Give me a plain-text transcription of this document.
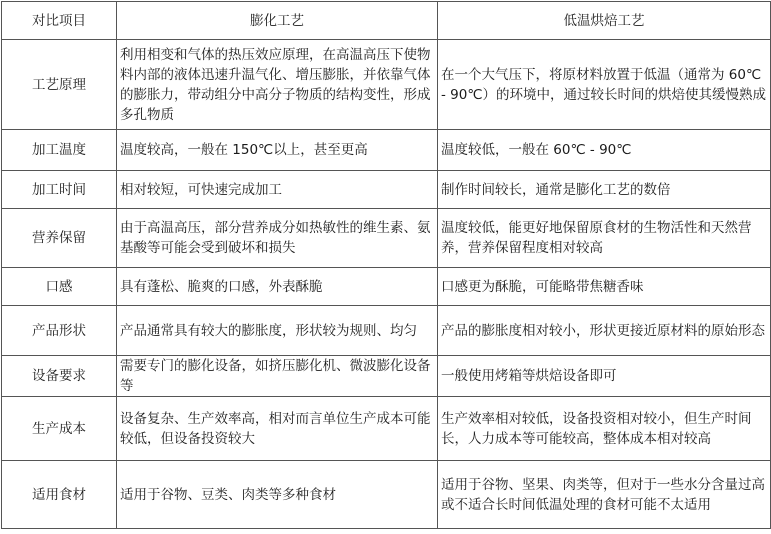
对比项目	膨化工艺	低温烘焙工艺
工艺原理	利用相变和气体的热压效应原理，在高温高压下使物料内部的液体迅速升温气化、增压膨胀，并依靠气体的膨胀力，带动组分中高分子物质的结构变性，形成多孔物质	在一个大气压下，将原材料放置于低温（通常为 60℃ - 90℃）的环境中，通过较长时间的烘焙使其缓慢熟成
加工温度	温度较高，一般在 150℃以上，甚至更高	温度较低，一般在 60℃ - 90℃
加工时间	相对较短，可快速完成加工	制作时间较长，通常是膨化工艺的数倍
营养保留	由于高温高压，部分营养成分如热敏性的维生素、氨基酸等可能会受到破坏和损失	温度较低，能更好地保留原食材的生物活性和天然营养，营养保留程度相对较高
口感	具有蓬松、脆爽的口感，外表酥脆	口感更为酥脆，可能略带焦糖香味
产品形状	产品通常具有较大的膨胀度，形状较为规则、均匀	产品的膨胀度相对较小，形状更接近原材料的原始形态
设备要求	需要专门的膨化设备，如挤压膨化机、微波膨化设备等	一般使用烤箱等烘焙设备即可
生产成本	设备复杂、生产效率高，相对而言单位生产成本可能较低，但设备投资较大	生产效率相对较低，设备投资相对较小，但生产时间长，人力成本等可能较高，整体成本相对较高
适用食材	适用于谷物、豆类、肉类等多种食材	适用于谷物、坚果、肉类等，但对于一些水分含量过高或不适合长时间低温处理的食材可能不太适用
